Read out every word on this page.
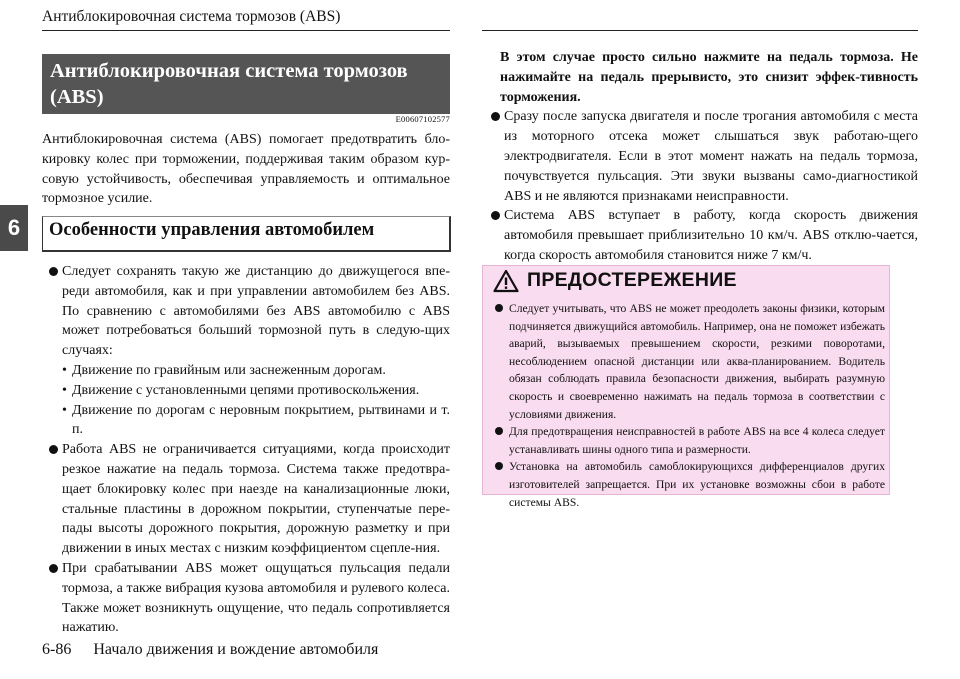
Антиблокировочная система тормозов (ABS)
6
Антиблокировочная система тормозов
(ABS)
E00607102577

Антиблокировочная система (ABS) помогает предотвратить бло-кировку колес при торможении, поддерживая таким образом кур-совую устойчивость, обеспечивая управляемость и оптимальное тормозное усилие.

Особенности управления автомобилем
Следует сохранять такую же дистанцию до движущегося впе-реди автомобиля, как и при управлении автомобилем без ABS. По сравнению с автомобилями без ABS автомобилю с ABS может потребоваться больший тормозной путь в следую-щих случаях:
• Движение по гравийным или заснеженным дорогам.
• Движение с установленными цепями противоскольжения.
• Движение по дорогам с неровным покрытием, рытвинами и т. п.
Работа ABS не ограничивается ситуациями, когда происходит резкое нажатие на педаль тормоза. Система также предотвра-щает блокировку колес при наезде на канализационные люки, стальные пластины в дорожном покрытии, ступенчатые пере-пады высоты дорожного покрытия, дорожную разметку и при движении в иных местах с низким коэффициентом сцепле-ния.
При срабатывании ABS может ощущаться пульсация педали тормоза, а также вибрация кузова автомобиля и рулевого колеса. Также может возникнуть ощущение, что педаль сопротивляется нажатию.

В этом случае просто сильно нажмите на педаль тормоза. Не нажимайте на педаль прерывисто, это снизит эффек-тивность торможения.

Сразу после запуска двигателя и после трогания автомобиля с места из моторного отсека может слышаться звук работаю-щего электродвигателя. Если в этот момент нажать на педаль тормоза, почувствуется пульсация. Эти звуки вызваны само-диагностикой ABS и не являются признаками неисправности.
Система ABS вступает в работу, когда скорость движения автомобиля превышает приблизительно 10 км/ч. ABS отклю-чается, когда скорость автомобиля становится ниже 7 км/ч.
ПРЕДОСТЕРЕЖЕНИЕ
Следует учитывать, что ABS не может преодолеть законы физики, которым подчиняется движущийся автомобиль. Например, она не поможет избежать аварий, вызываемых превышением скорости, резкими поворотами, несоблюдением опасной дистанции или аква-планированием. Водитель обязан соблюдать правила безопасности движения, выбирать разумную скорость и своевременно нажимать на педаль тормоза в соответствии с условиями движения.
Для предотвращения неисправностей в работе ABS на все 4 колеса следует устанавливать шины одного типа и размерности.
Установка на автомобиль самоблокирующихся дифференциалов других изготовителей запрещается. При их установке возможны сбои в работе системы ABS.
6-86 Начало движения и вождение автомобиля
